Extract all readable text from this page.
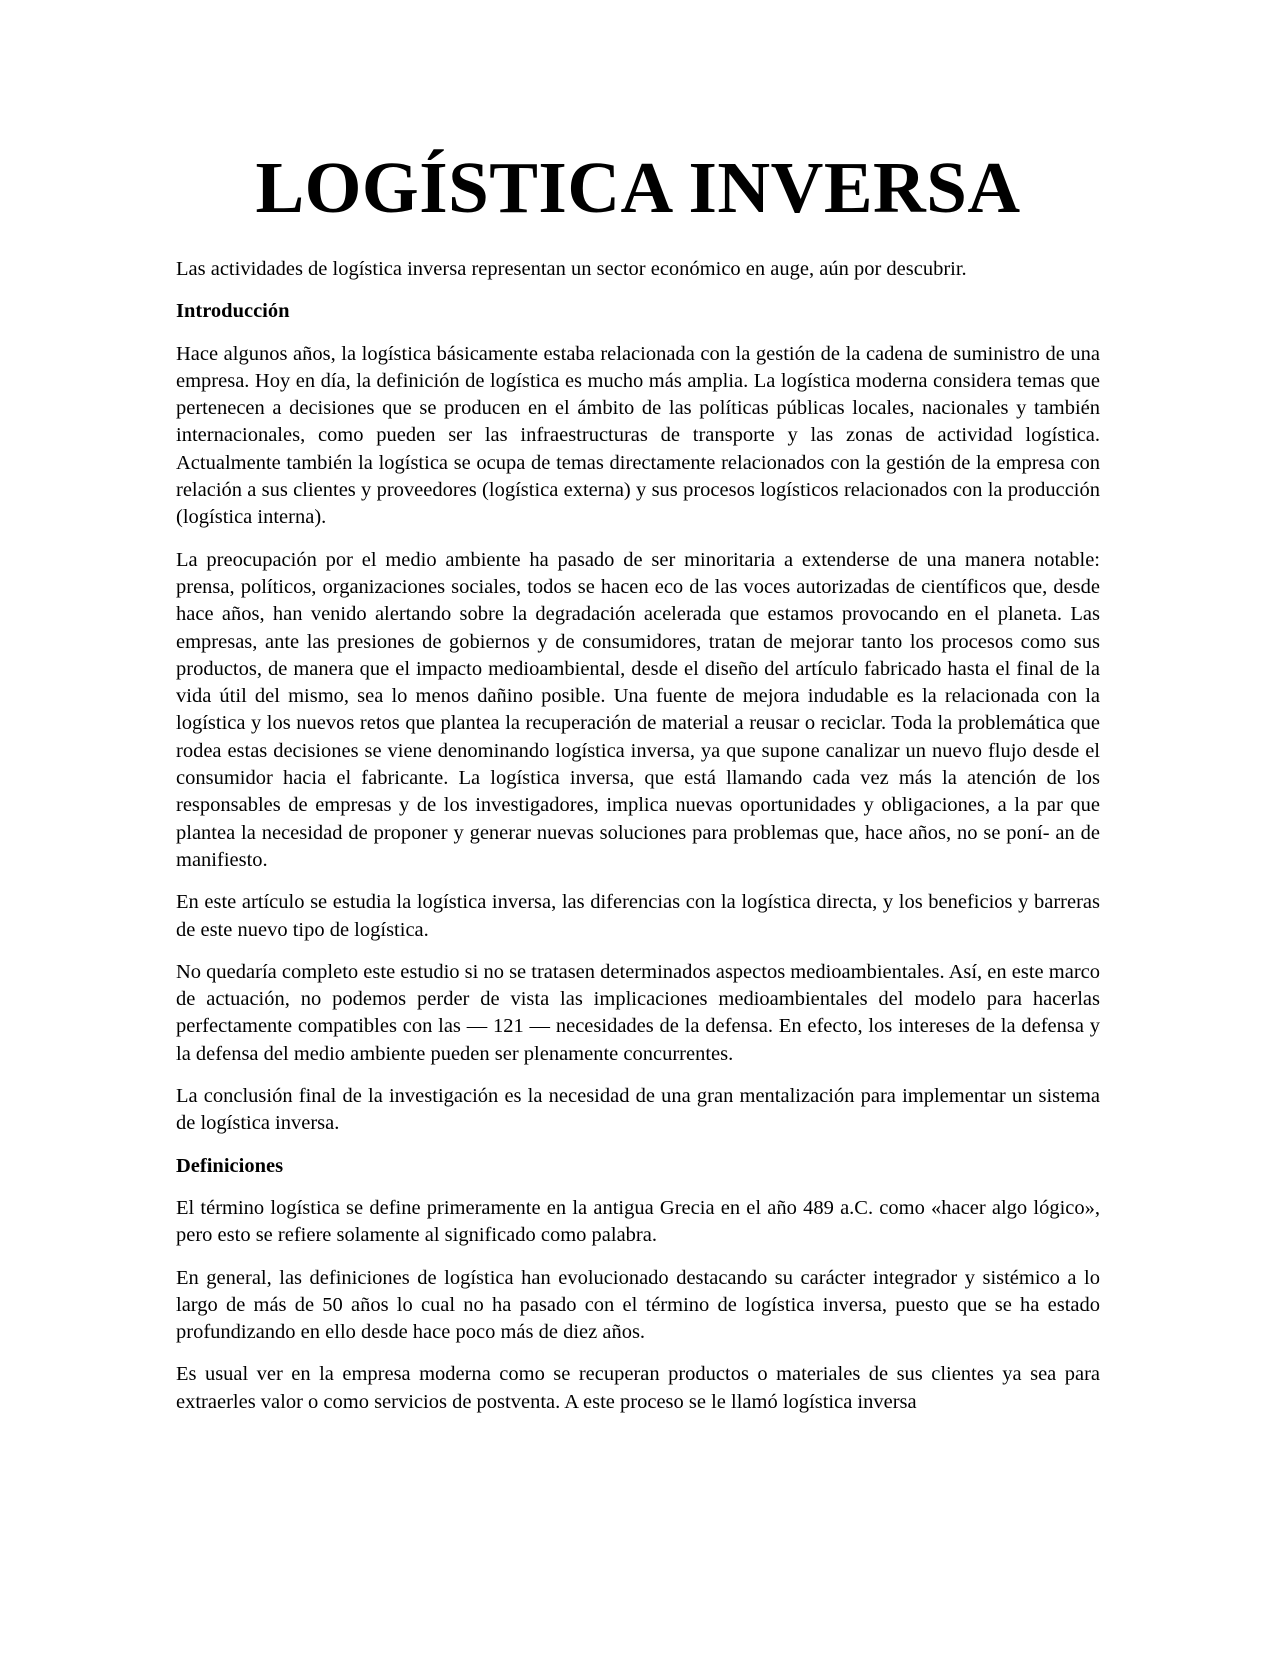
LOGÍSTICA INVERSA

Las actividades de logística inversa representan un sector económico en auge, aún por descubrir.

Introducción

Hace algunos años, la logística básicamente estaba relacionada con la gestión de la cadena de suministro de una empresa. Hoy en día, la definición de logística es mucho más amplia. La logística moderna considera temas que pertenecen a decisiones que se producen en el ámbito de las políticas públicas locales, nacionales y también internacionales, como pueden ser las infraestructuras de transporte y las zonas de actividad logística. Actualmente también la logística se ocupa de temas directamente relacionados con la gestión de la empresa con relación a sus clientes y proveedores (logística externa) y sus procesos logísticos relacionados con la producción (logística interna).

La preocupación por el medio ambiente ha pasado de ser minoritaria a extenderse de una manera notable: prensa, políticos, organizaciones sociales, todos se hacen eco de las voces autorizadas de científicos que, desde hace años, han venido alertando sobre la degradación acelerada que estamos provocando en el planeta. Las empresas, ante las presiones de gobiernos y de consumidores, tratan de mejorar tanto los procesos como sus productos, de manera que el impacto medioambiental, desde el diseño del artículo fabricado hasta el final de la vida útil del mismo, sea lo menos dañino posible. Una fuente de mejora indudable es la relacionada con la logística y los nuevos retos que plantea la recuperación de material a reusar o reciclar. Toda la problemática que rodea estas decisiones se viene denominando logística inversa, ya que supone canalizar un nuevo flujo desde el consumidor hacia el fabricante. La logística inversa, que está llamando cada vez más la atención de los responsables de empresas y de los investigadores, implica nuevas oportunidades y obligaciones, a la par que plantea la necesidad de proponer y generar nuevas soluciones para problemas que, hace años, no se poní- an de manifiesto.

En este artículo se estudia la logística inversa, las diferencias con la logística directa, y los beneficios y barreras de este nuevo tipo de logística.

No quedaría completo este estudio si no se tratasen determinados aspectos medioambientales. Así, en este marco de actuación, no podemos perder de vista las implicaciones medioambientales del modelo para hacerlas perfectamente compatibles con las — 121 — necesidades de la defensa. En efecto, los intereses de la defensa y la defensa del medio ambiente pueden ser plenamente concurrentes.

La conclusión final de la investigación es la necesidad de una gran mentalización para implementar un sistema de logística inversa.

Definiciones

El término logística se define primeramente en la antigua Grecia en el año 489 a.C. como «hacer algo lógico», pero esto se refiere solamente al significado como palabra.

En general, las definiciones de logística han evolucionado destacando su carácter integrador y sistémico a lo largo de más de 50 años lo cual no ha pasado con el término de logística inversa, puesto que se ha estado profundizando en ello desde hace poco más de diez años.

Es usual ver en la empresa moderna como se recuperan productos o materiales de sus clientes ya sea para extraerles valor o como servicios de postventa. A este proceso se le llamó logística inversa
